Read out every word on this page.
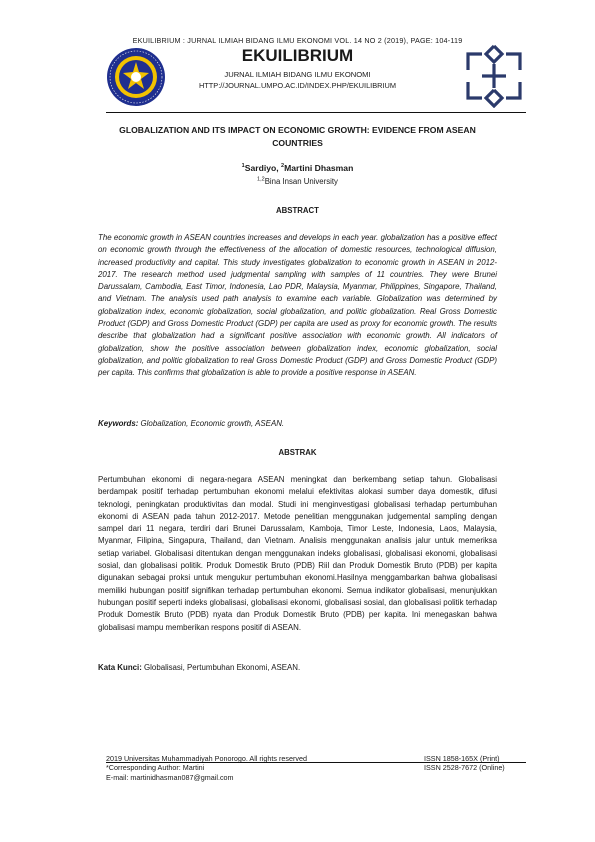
EKUILIBRIUM : JURNAL ILMIAH BIDANG ILMU EKONOMI VOL. 14 NO 2 (2019), PAGE: 104-119
EKUILIBRIUM
JURNAL ILMIAH BIDANG ILMU EKONOMI
HTTP://JOURNAL.UMPO.AC.ID/INDEX.PHP/EKUILIBRIUM
GLOBALIZATION AND ITS IMPACT ON ECONOMIC GROWTH: EVIDENCE FROM ASEAN COUNTRIES
$^1$Sardiyo, $^2$Martini Dhasman
$^{1,2}$Bina Insan University
ABSTRACT
The economic growth in ASEAN countries increases and develops in each year. globalization has a positive effect on economic growth through the effectiveness of the allocation of domestic resources, technological diffusion, increased productivity and capital. This study investigates globalization to economic growth in ASEAN in 2012-2017. The research method used judgmental sampling with samples of 11 countries. They were Brunei Darussalam, Cambodia, East Timor, Indonesia, Lao PDR, Malaysia, Myanmar, Philippines, Singapore, Thailand, and Vietnam. The analysis used path analysis to examine each variable. Globalization was determined by globalization index, economic globalization, social globalization, and politic globalization. Real Gross Domestic Product (GDP) and Gross Domestic Product (GDP) per capita are used as proxy for economic growth. The results describe that globalization had a significant positive association with economic growth. All indicators of globalization, show the positive association between globalization index, economic globalization, social globalization, and politic globalization to real Gross Domestic Product (GDP) and Gross Domestic Product (GDP) per capita. This confirms that globalization is able to provide a positive response in ASEAN.
Keywords: Globalization, Economic growth, ASEAN.
ABSTRAK
Pertumbuhan ekonomi di negara-negara ASEAN meningkat dan berkembang setiap tahun. Globalisasi berdampak positif terhadap pertumbuhan ekonomi melalui efektivitas alokasi sumber daya domestik, difusi teknologi, peningkatan produktivitas dan modal. Studi ini menginvestigasi globalisasi terhadap pertumbuhan ekonomi di ASEAN pada tahun 2012-2017. Metode penelitian menggunakan judgemental sampling dengan sampel dari 11 negara, terdiri dari Brunei Darussalam, Kamboja, Timor Leste, Indonesia, Laos, Malaysia, Myanmar, Filipina, Singapura, Thailand, dan Vietnam. Analisis menggunakan analisis jalur untuk memeriksa setiap variabel. Globalisasi ditentukan dengan menggunakan indeks globalisasi, globalisasi ekonomi, globalisasi sosial, dan globalisasi politik. Produk Domestik Bruto (PDB) Riil dan Produk Domestik Bruto (PDB) per kapita digunakan sebagai proksi untuk mengukur pertumbuhan ekonomi.Hasilnya menggambarkan bahwa globalisasi memiliki hubungan positif signifikan terhadap pertumbuhan ekonomi. Semua indikator globalisasi, menunjukkan hubungan positif seperti indeks globalisasi, globalisasi ekonomi, globalisasi sosial, dan globalisasi politik terhadap Produk Domestik Bruto (PDB) nyata dan Produk Domestik Bruto (PDB) per kapita. Ini menegaskan bahwa globalisasi mampu memberikan respons positif di ASEAN.
Kata Kunci: Globalisasi, Pertumbuhan Ekonomi, ASEAN.
2019 Universitas Muhammadiyah Ponorogo. All rights reserved
*Corresponding Author: Martini
E-mail: martinidhasman087@gmail.com
ISSN 1858-165X (Print)
ISSN 2528-7672 (Online)
